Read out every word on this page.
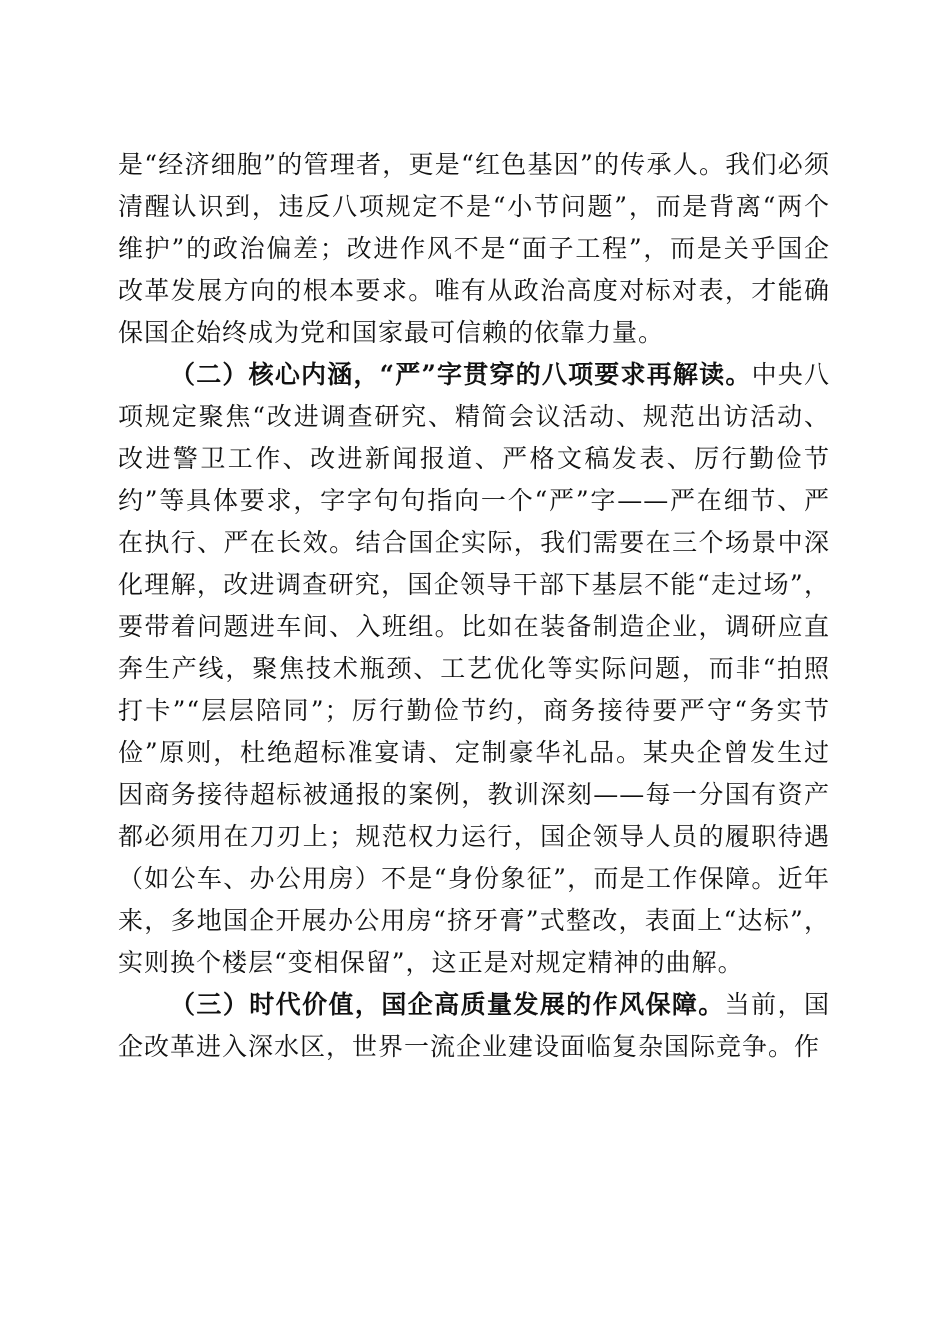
是“经济细胞”的管理者，更是“红色基因”的传承人。我们必须清醒认识到，违反八项规定不是“小节问题”，而是背离“两个维护”的政治偏差；改进作风不是“面子工程”，而是关乎国企改革发展方向的根本要求。唯有从政治高度对标对表，才能确保国企始终成为党和国家最可信赖的依靠力量。

（二）核心内涵，“严”字贯穿的八项要求再解读。中央八项规定聚焦“改进调查研究、精简会议活动、规范出访活动、改进警卫工作、改进新闻报道、严格文稿发表、厉行勤俭节约”等具体要求，字字句句指向一个“严”字——严在细节、严在执行、严在长效。结合国企实际，我们需要在三个场景中深化理解，改进调查研究，国企领导干部下基层不能“走过场”，要带着问题进车间、入班组。比如在装备制造企业，调研应直奔生产线，聚焦技术瓶颈、工艺优化等实际问题，而非“拍照打卡”“层层陪同”；厉行勤俭节约，商务接待要严守“务实节俭”原则，杜绝超标准宴请、定制豪华礼品。某央企曾发生过因商务接待超标被通报的案例，教训深刻——每一分国有资产都必须用在刀刃上；规范权力运行，国企领导人员的履职待遇（如公车、办公用房）不是“身份象征”，而是工作保障。近年来，多地国企开展办公用房“挤牙膏”式整改，表面上“达标”，实则换个楼层“变相保留”，这正是对规定精神的曲解。

（三）时代价值，国企高质量发展的作风保障。当前，国企改革进入深水区，世界一流企业建设面临复杂国际竞争。作
